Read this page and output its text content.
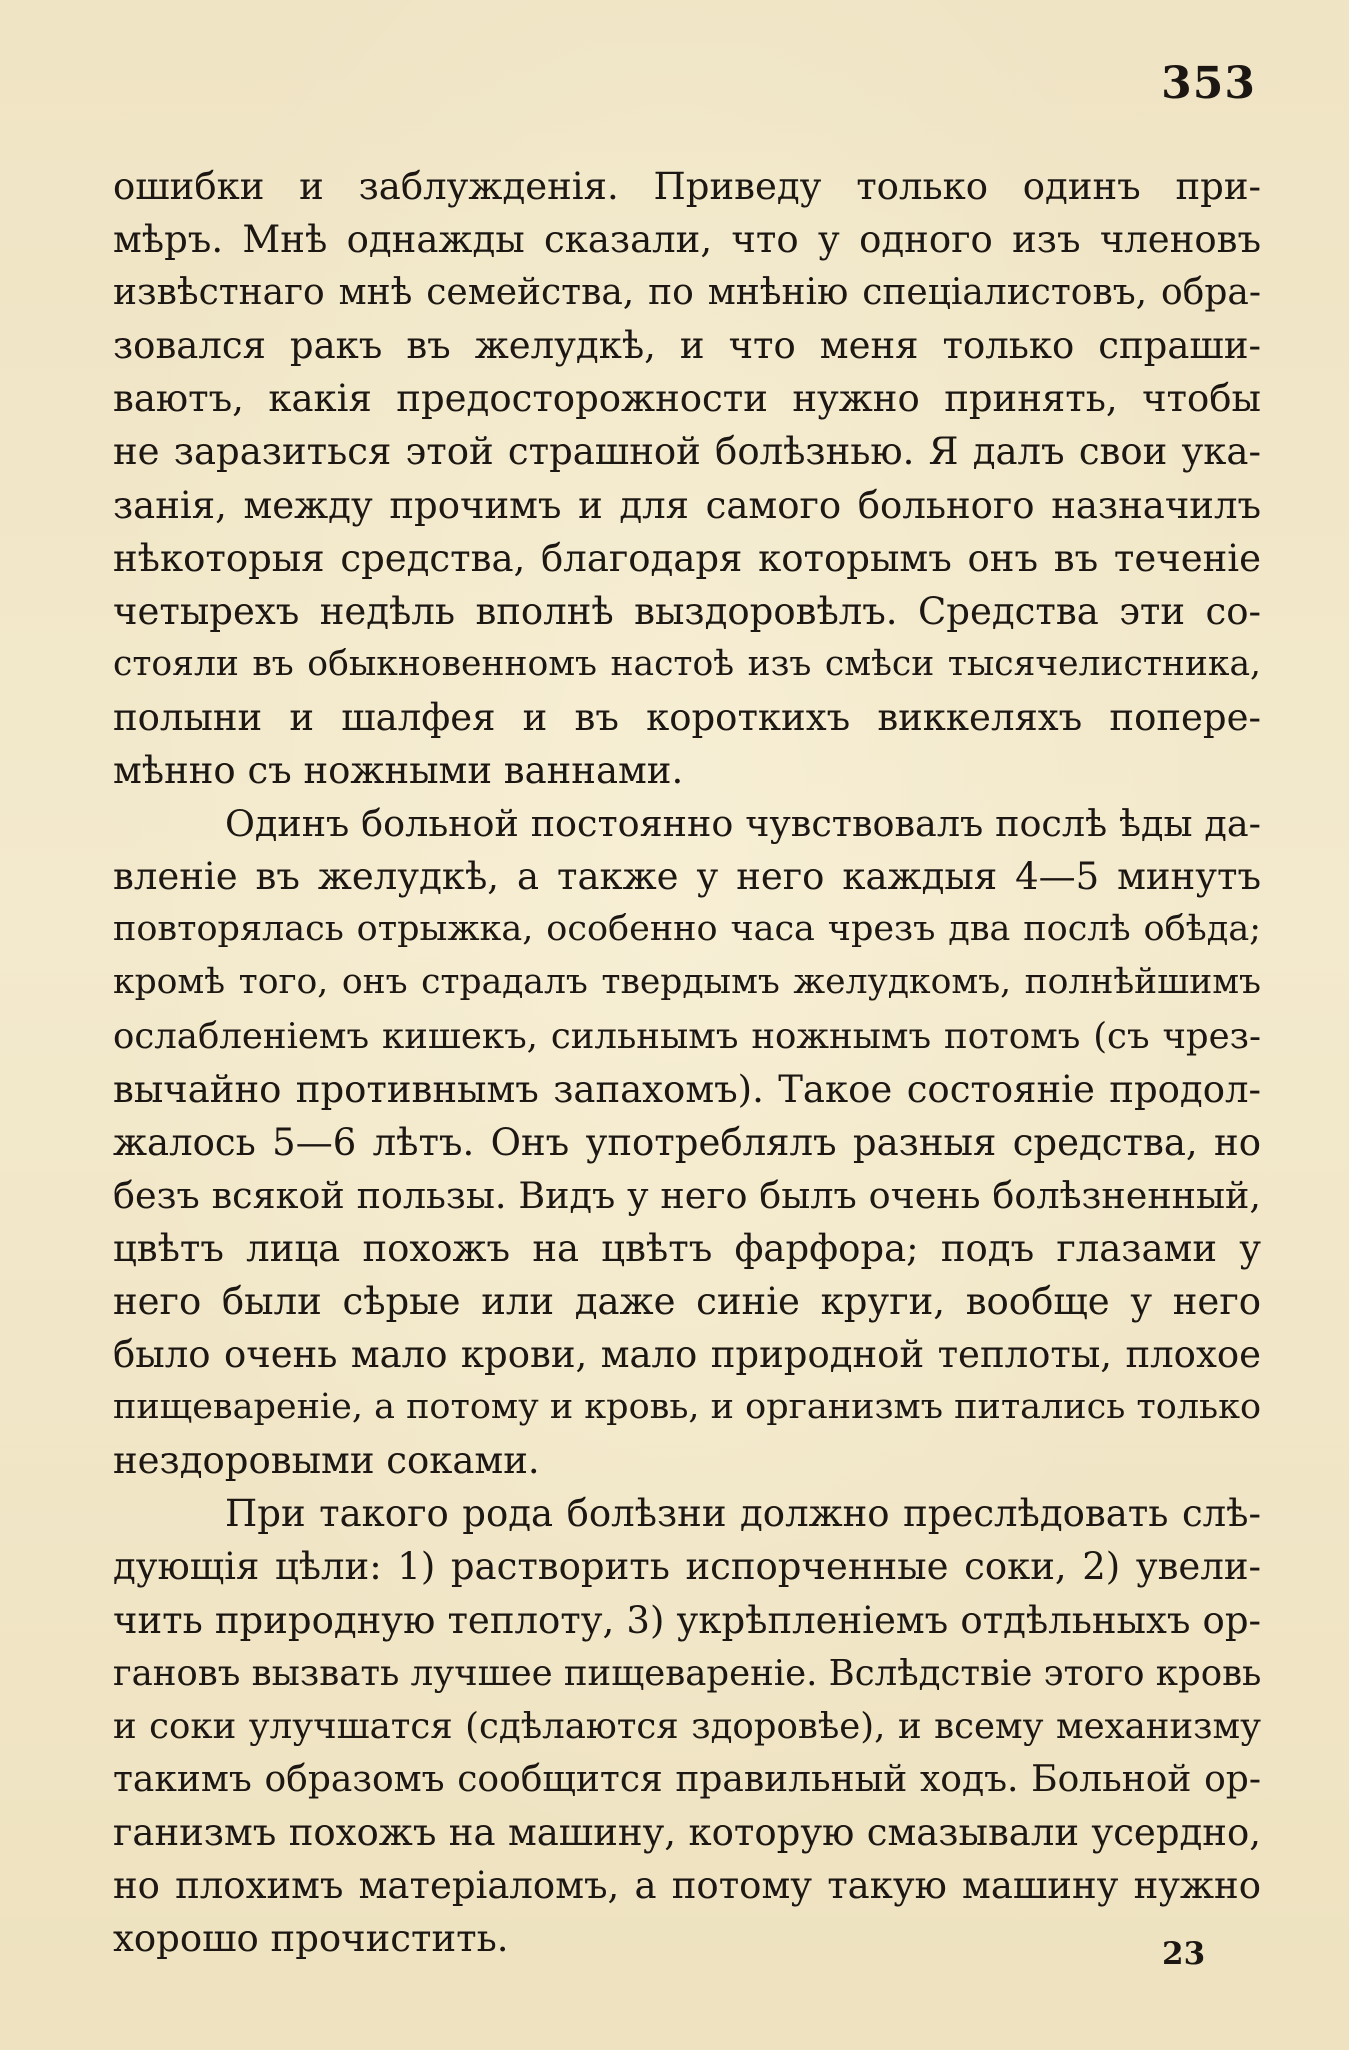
353
ошибки и заблужденія. Приведу только одинъ при-
мѣръ. Мнѣ однажды сказали, что у одного изъ членовъ
извѣстнаго мнѣ семейства, по мнѣнію спеціалистовъ, обра-
зовался ракъ въ желудкѣ, и что меня только спраши-
ваютъ, какія предосторожности нужно принять, чтобы
не заразиться этой страшной болѣзнью. Я далъ свои ука-
занія, между прочимъ и для самого больного назначилъ
нѣкоторыя средства, благодаря которымъ онъ въ теченіе
четырехъ недѣль вполнѣ выздоровѣлъ. Средства эти со-
стояли въ обыкновенномъ настоѣ изъ смѣси тысячелистника,
полыни и шалфея и въ короткихъ виккеляхъ попере-
мѣнно съ ножными ваннами.
Одинъ больной постоянно чувствовалъ послѣ ѣды да-
вленіе въ желудкѣ, а также у него каждыя 4—5 минутъ
повторялась отрыжка, особенно часа чрезъ два послѣ обѣда;
кромѣ того, онъ страдалъ твердымъ желудкомъ, полнѣйшимъ
ослабленіемъ кишекъ, сильнымъ ножнымъ потомъ (съ чрез-
вычайно противнымъ запахомъ). Такое состояніе продол-
жалось 5—6 лѣтъ. Онъ употреблялъ разныя средства, но
безъ всякой пользы. Видъ у него былъ очень болѣзненный,
цвѣтъ лица похожъ на цвѣтъ фарфора; подъ глазами у
него были сѣрые или даже синіе круги, вообще у него
было очень мало крови, мало природной теплоты, плохое
пищевареніе, а потому и кровь, и организмъ питались только
нездоровыми соками.
При такого рода болѣзни должно преслѣдовать слѣ-
дующія цѣли: 1) растворить испорченные соки, 2) увели-
чить природную теплоту, 3) укрѣпленіемъ отдѣльныхъ ор-
гановъ вызвать лучшее пищевареніе. Вслѣдствіе этого кровь
и соки улучшатся (сдѣлаются здоровѣе), и всему механизму
такимъ образомъ сообщится правильный ходъ. Больной ор-
ганизмъ похожъ на машину, которую смазывали усердно,
но плохимъ матеріаломъ, а потому такую машину нужно
хорошо прочистить.	23
